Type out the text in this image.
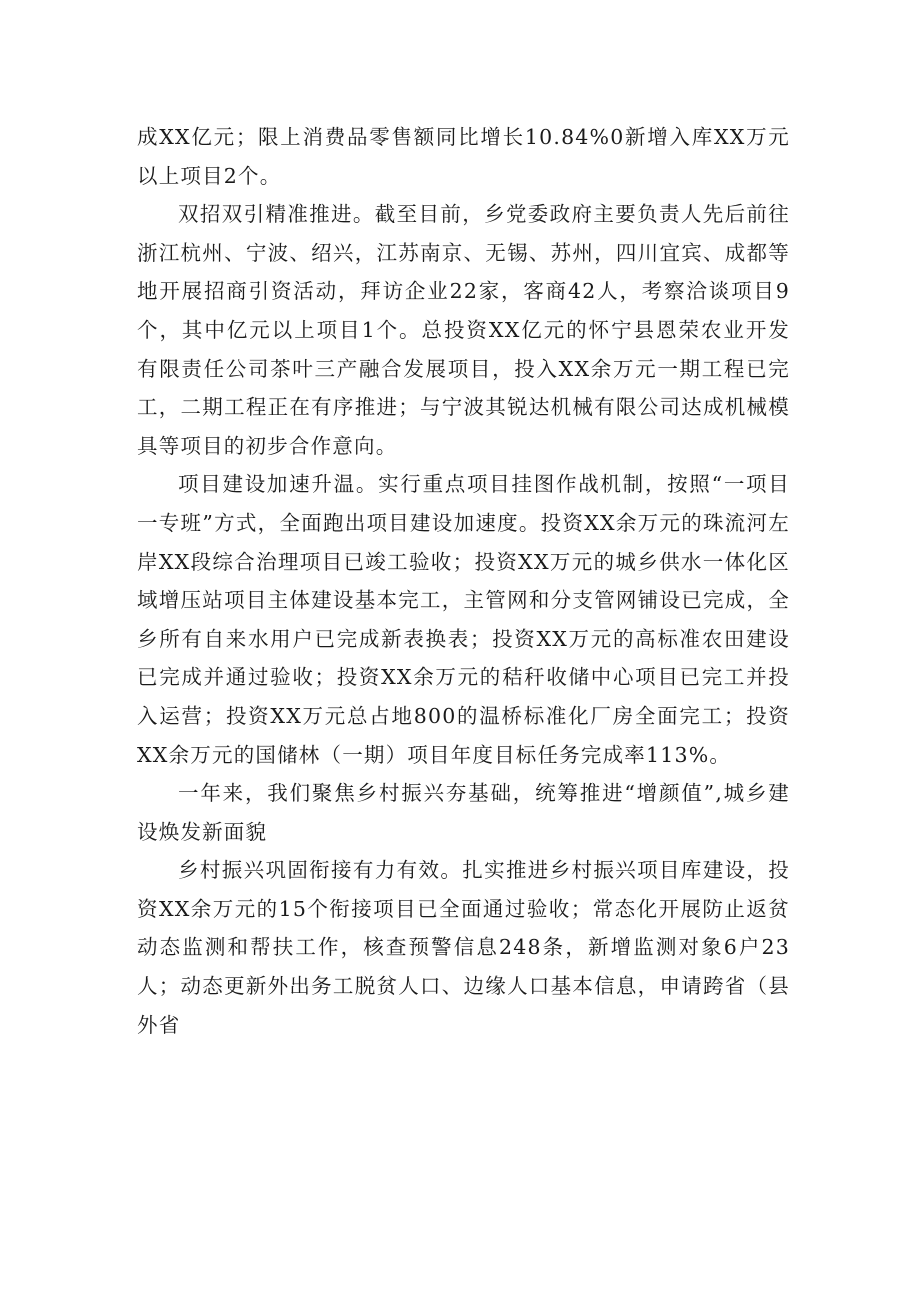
成XX亿元；限上消费品零售额同比增长10.84%0新增入库XX万元以上项目2个。

双招双引精准推进。截至目前，乡党委政府主要负责人先后前往浙江杭州、宁波、绍兴，江苏南京、无锡、苏州，四川宜宾、成都等地开展招商引资活动，拜访企业22家，客商42人，考察洽谈项目9个，其中亿元以上项目1个。总投资XX亿元的怀宁县恩荣农业开发有限责任公司茶叶三产融合发展项目，投入XX余万元一期工程已完工，二期工程正在有序推进；与宁波其锐达机械有限公司达成机械模具等项目的初步合作意向。

项目建设加速升温。实行重点项目挂图作战机制，按照“一项目一专班”方式，全面跑出项目建设加速度。投资XX余万元的珠流河左岸XX段综合治理项目已竣工验收；投资XX万元的城乡供水一体化区域增压站项目主体建设基本完工，主管网和分支管网铺设已完成，全乡所有自来水用户已完成新表换表；投资XX万元的高标准农田建设已完成并通过验收；投资XX余万元的秸秆收储中心项目已完工并投入运营；投资XX万元总占地800的温桥标准化厂房全面完工；投资XX余万元的国储林（一期）项目年度目标任务完成率113%。

一年来，我们聚焦乡村振兴夯基础，统筹推进“增颜值”,城乡建设焕发新面貌

乡村振兴巩固衔接有力有效。扎实推进乡村振兴项目库建设，投资XX余万元的15个衔接项目已全面通过验收；常态化开展防止返贫动态监测和帮扶工作，核查预警信息248条，新增监测对象6户23人；动态更新外出务工脱贫人口、边缘人口基本信息，申请跨省（县外省
